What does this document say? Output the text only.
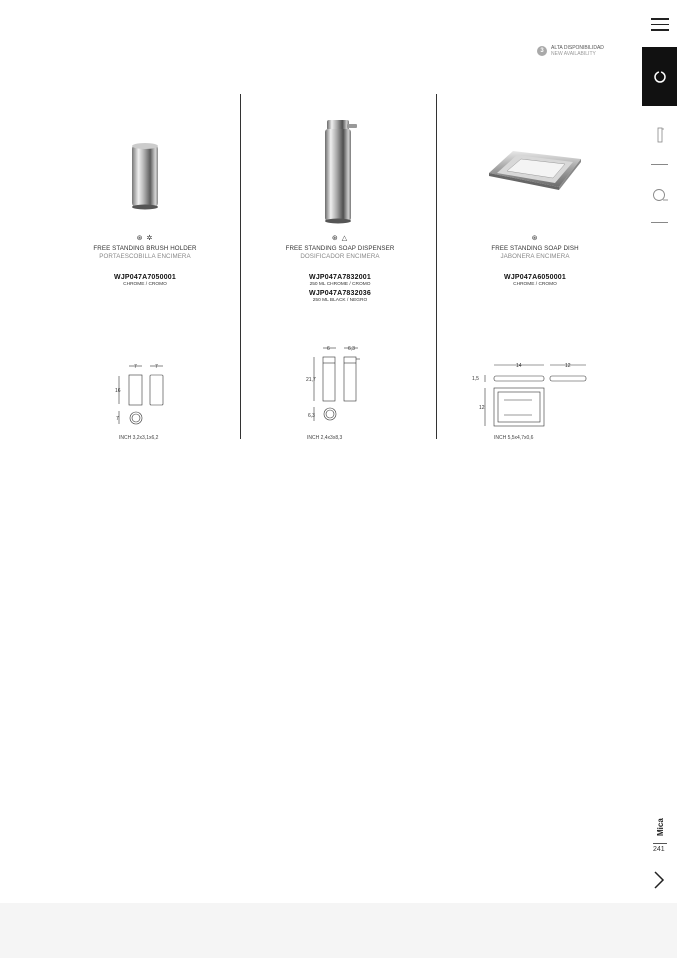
3	ALTA DISPONIBILIDAD
NEW AVAILABILITY
⊛ ✲
FREE STANDING BRUSH HOLDER
PORTAESCOBILLA ENCIMERA
WJP047A7050001
CHROME / CROMO
⊛ △
FREE STANDING SOAP DISPENSER
DOSIFICADOR ENCIMERA
WJP047A7832001
250 ML CHROME / CROMO
WJP047A7832036
250 ML BLACK / NEGRO
⊛
FREE STANDING SOAP DISH
JABONERA ENCIMERA
WJP047A6050001
CHROME / CROMO
7	7
16
7
INCH 3,2x3,1x6,2
6	6,3
21,7
6,3
INCH 2,4x3x8,3
14	12
1,5
12
INCH 5,5x4,7x0,6
Mica
241
